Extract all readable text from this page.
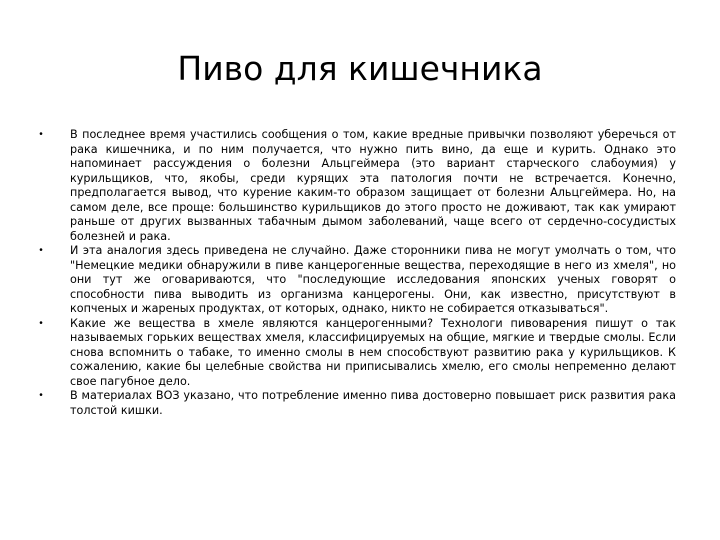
Пиво для кишечника
• В последнее время участились сообщения о том, какие вредные привычки позволяют уберечься от рака кишечника, и по ним получается, что нужно пить вино, да еще и курить. Однако это напоминает рассуждения о болезни Альцгеймера (это вариант старческого слабоумия) у курильщиков, что, якобы, среди курящих эта патология почти не встречается. Конечно, предполагается вывод, что курение каким-то образом защищает от болезни Альцгеймера. Но, на самом деле, все проще: большинство курильщиков до этого просто не доживают, так как умирают раньше от других вызванных табачным дымом заболеваний, чаще всего от сердечно-сосудистых болезней и рака.
• И эта аналогия здесь приведена не случайно. Даже сторонники пива не могут умолчать о том, что "Немецкие медики обнаружили в пиве канцерогенные вещества, переходящие в него из хмеля", но они тут же оговариваются, что "последующие исследования японских ученых говорят о способности пива выводить из организма канцерогены. Они, как известно, присутствуют в копченых и жареных продуктах, от которых, однако, никто не собирается отказываться".
• Какие же вещества в хмеле являются канцерогенными? Технологи пивоварения пишут о так называемых горьких веществах хмеля, классифицируемых на общие, мягкие и твердые смолы. Если снова вспомнить о табаке, то именно смолы в нем способствуют развитию рака у курильщиков. К сожалению, какие бы целебные свойства ни приписывались хмелю, его смолы непременно делают свое пагубное дело.
• В материалах ВОЗ указано, что потребление именно пива достоверно повышает риск развития рака толстой кишки.
